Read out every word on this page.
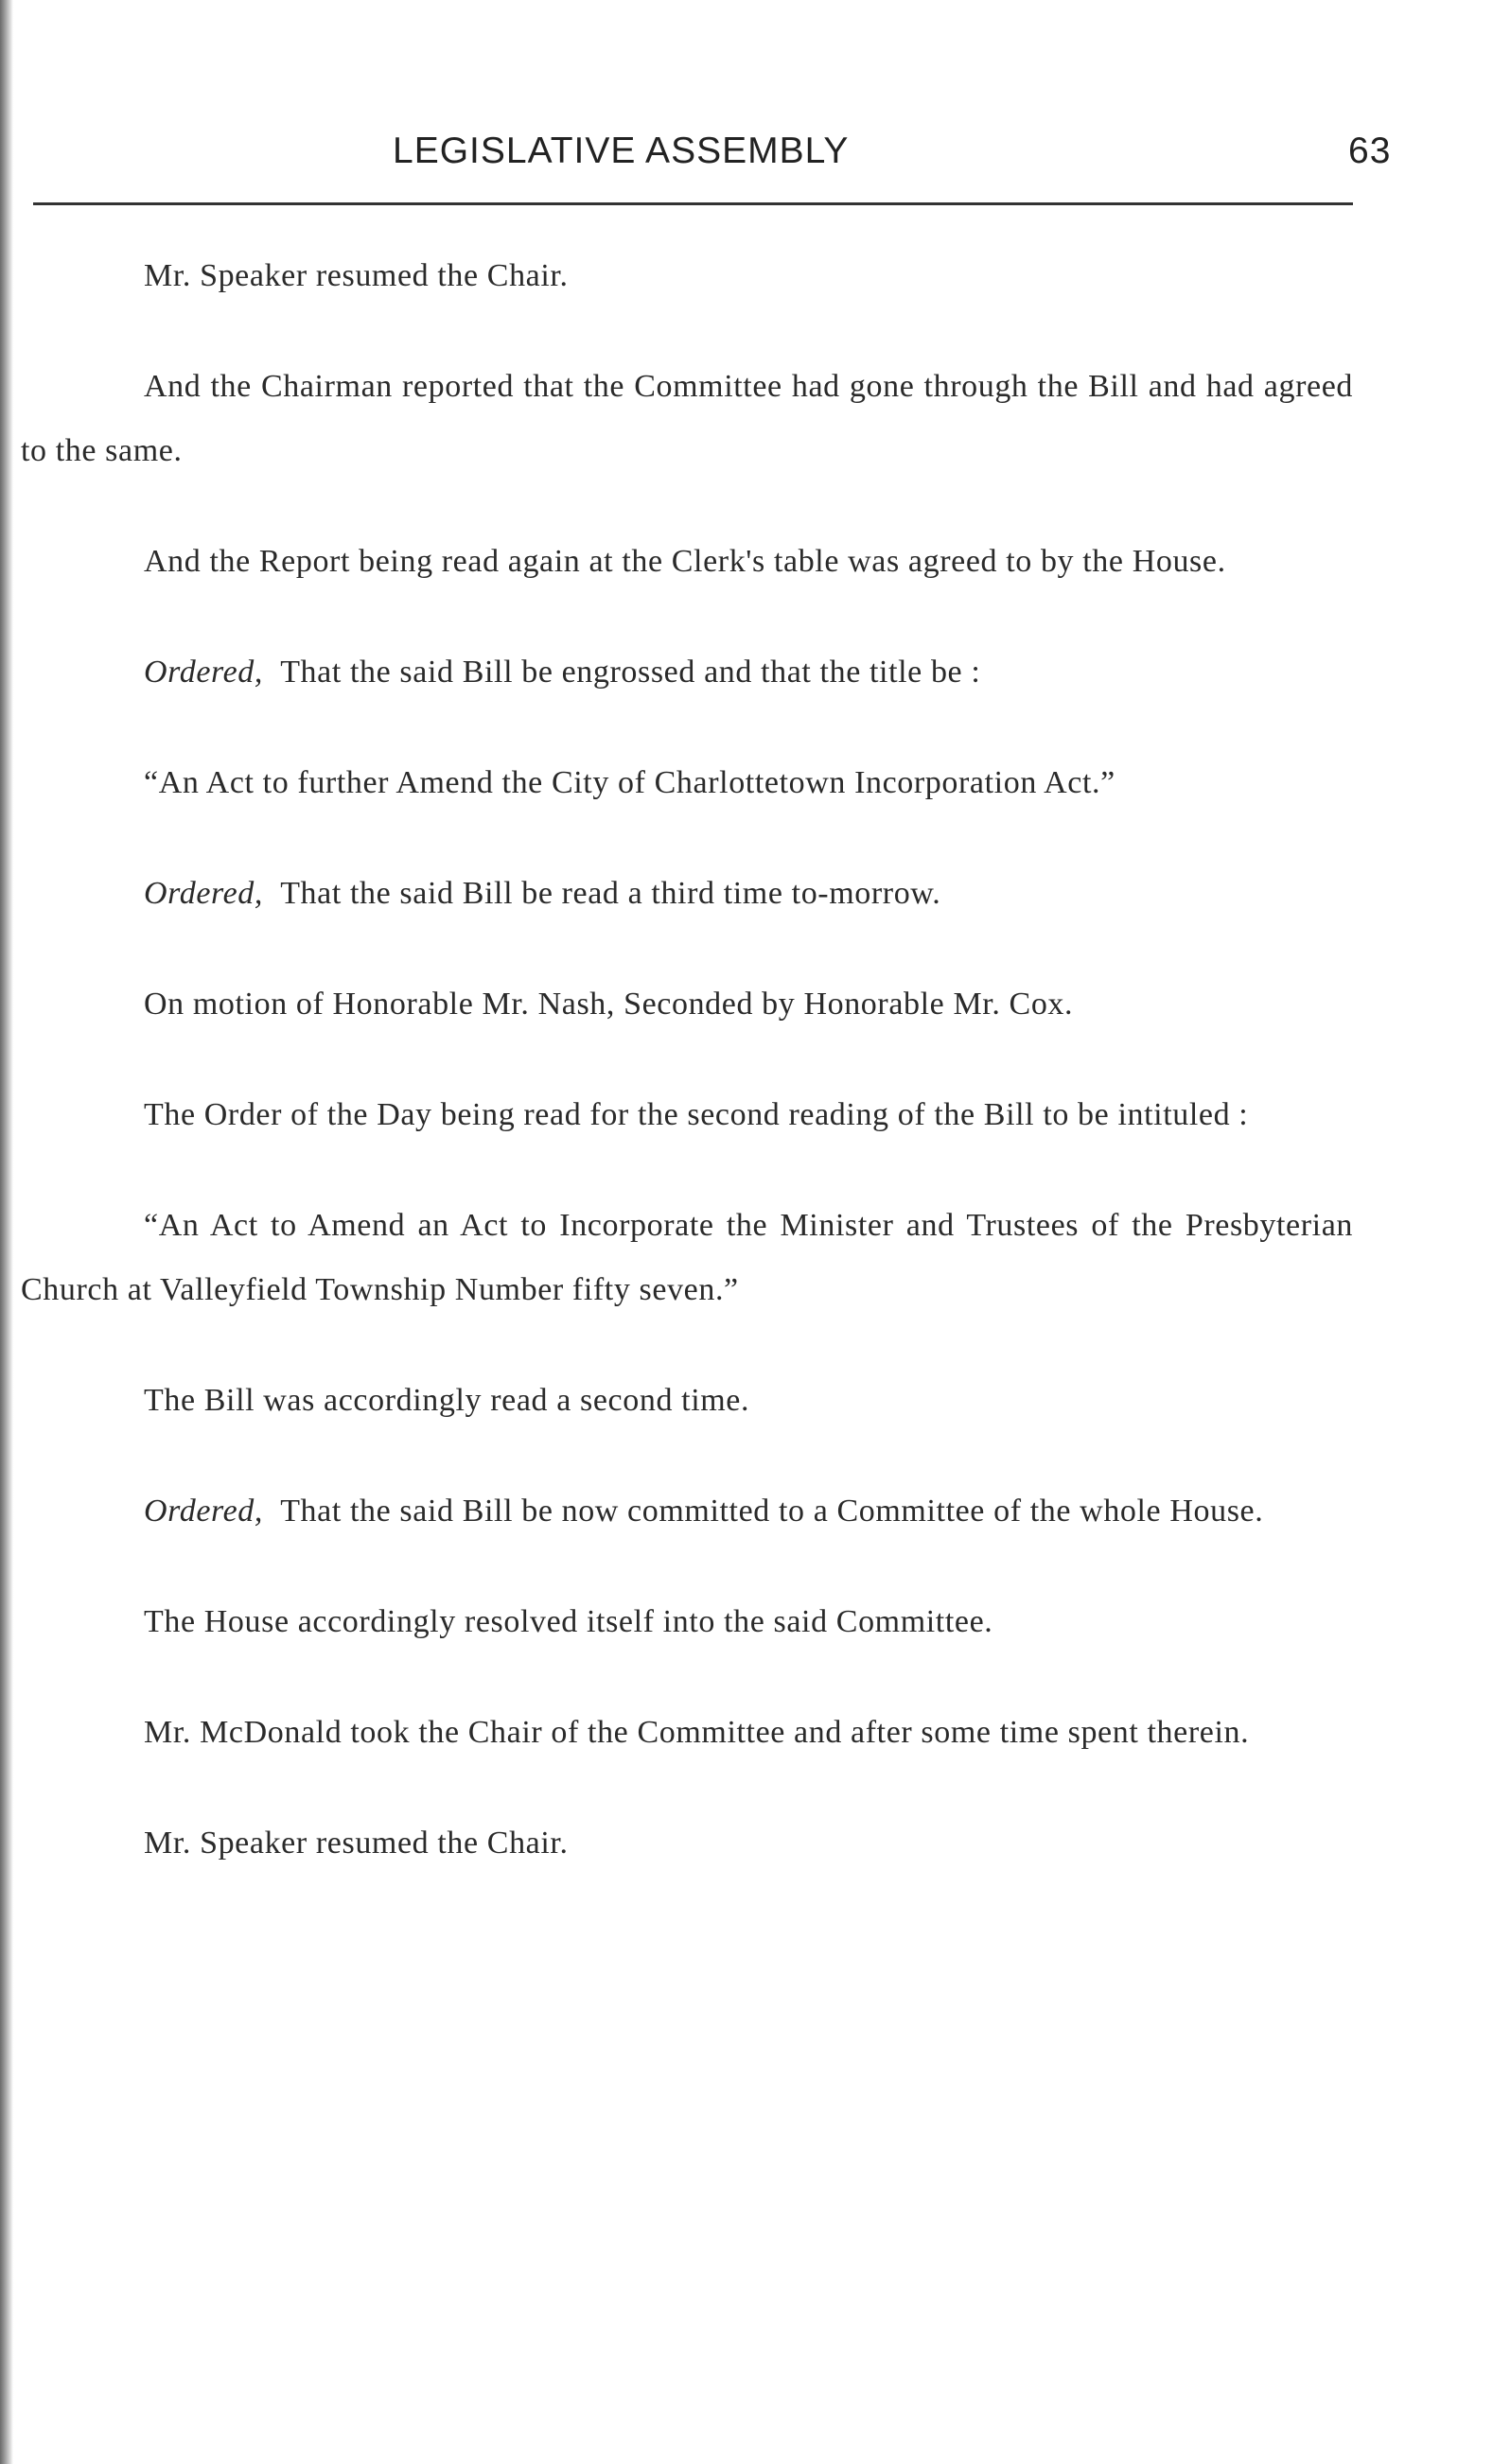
LEGISLATIVE ASSEMBLY	63

Mr. Speaker resumed the Chair.

And the Chairman reported that the Committee had gone through the Bill and had agreed to the same.

And the Report being read again at the Clerk's table was agreed to by the House.

Ordered, That the said Bill be engrossed and that the title be :

“An Act to further Amend the City of Charlottetown Incorporation Act.”

Ordered, That the said Bill be read a third time to-morrow.

On motion of Honorable Mr. Nash, Seconded by Honorable Mr. Cox.

The Order of the Day being read for the second reading of the Bill to be intituled :

“An Act to Amend an Act to Incorporate the Minister and Trustees of the Presbyterian Church at Valleyfield Township Number fifty seven.”

The Bill was accordingly read a second time.

Ordered, That the said Bill be now committed to a Committee of the whole House.

The House accordingly resolved itself into the said Committee.

Mr. McDonald took the Chair of the Committee and after some time spent therein.

Mr. Speaker resumed the Chair.
